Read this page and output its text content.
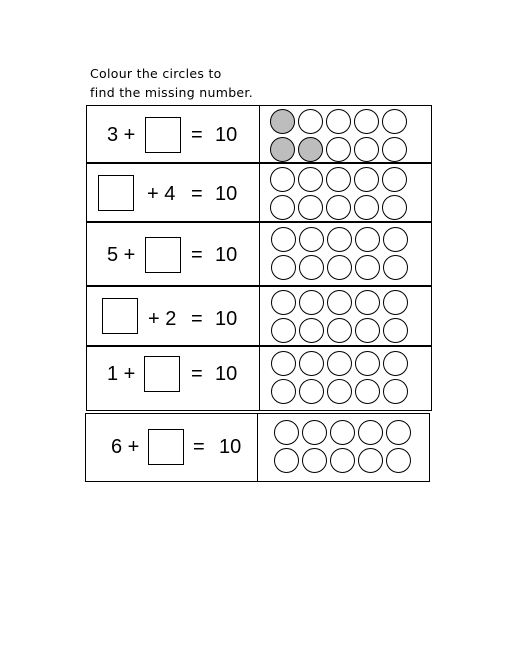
Colour the circles to
find the missing number.
3 +	= 10
+ 4 = 10
5 +	= 10
+ 2 = 10
1 +	= 10
6 +	= 10
